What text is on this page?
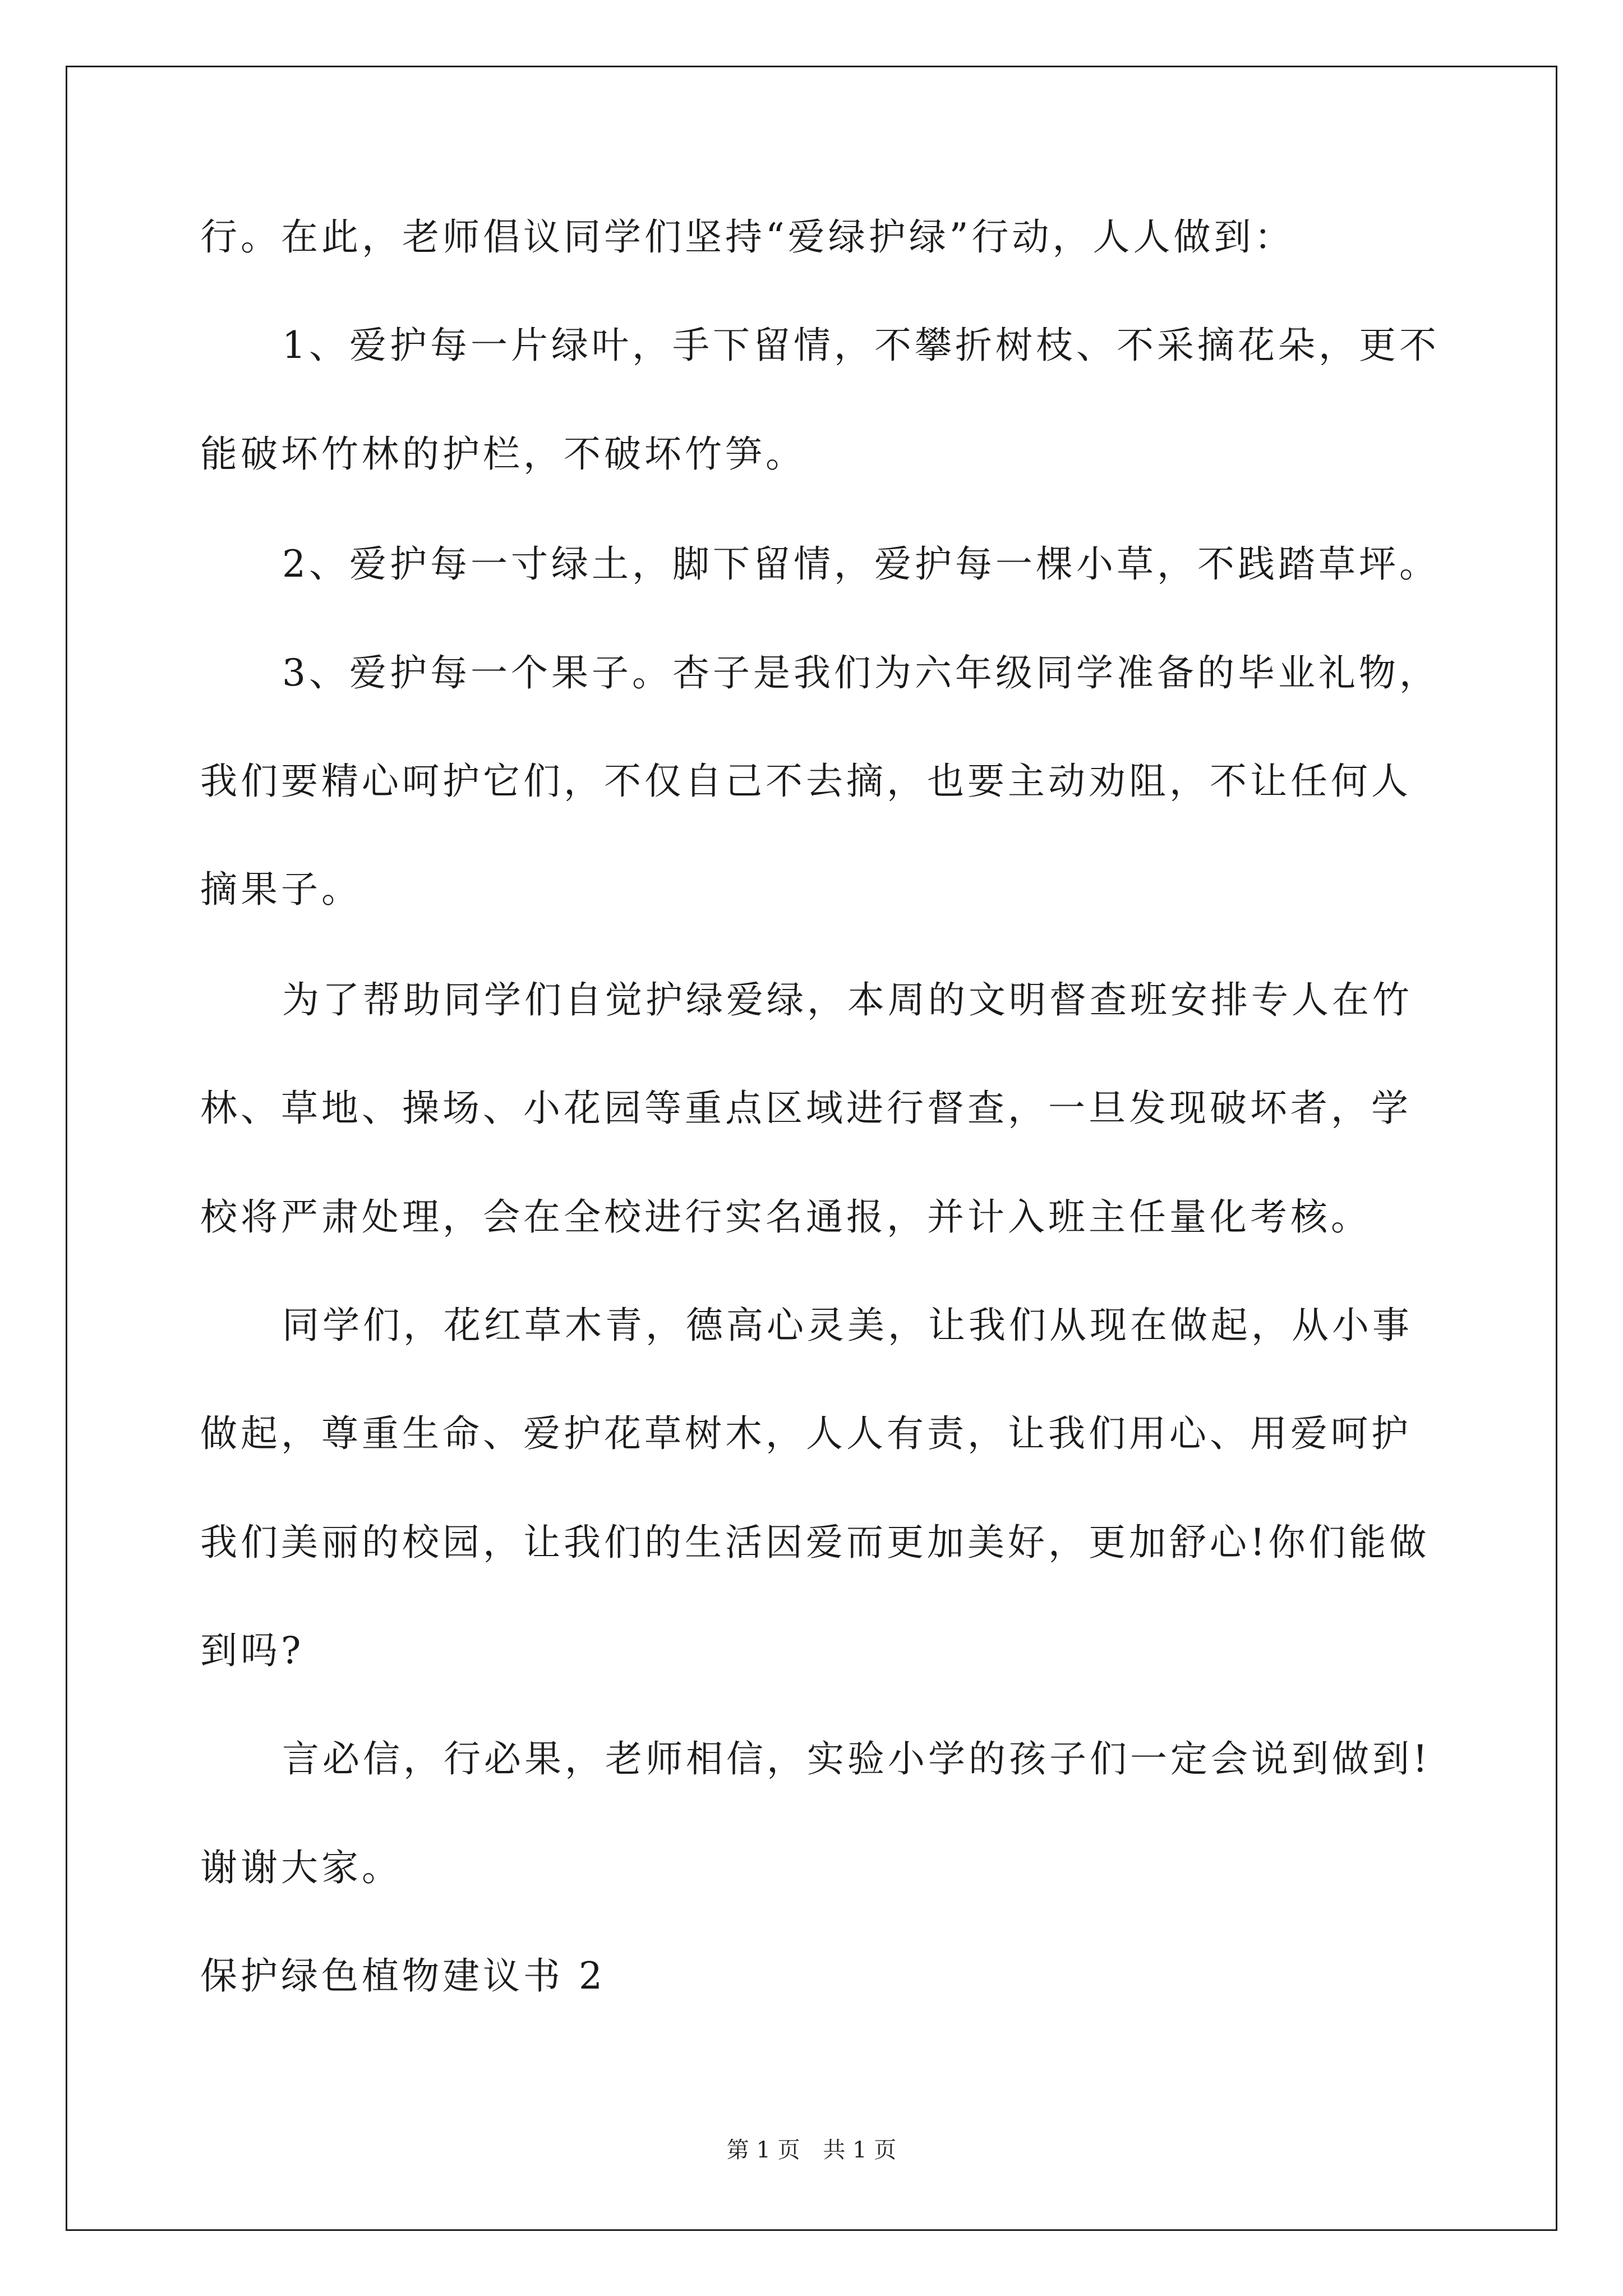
行。在此，老师倡议同学们坚持“爱绿护绿”行动，人人做到：
1、爱护每一片绿叶，手下留情，不攀折树枝、不采摘花朵，更不
能破坏竹林的护栏，不破坏竹笋。
2、爱护每一寸绿土，脚下留情，爱护每一棵小草，不践踏草坪。
3、爱护每一个果子。杏子是我们为六年级同学准备的毕业礼物，
我们要精心呵护它们，不仅自己不去摘，也要主动劝阻，不让任何人
摘果子。
为了帮助同学们自觉护绿爱绿，本周的文明督查班安排专人在竹
林、草地、操场、小花园等重点区域进行督查，一旦发现破坏者，学
校将严肃处理，会在全校进行实名通报，并计入班主任量化考核。
同学们，花红草木青，德高心灵美，让我们从现在做起，从小事
做起，尊重生命、爱护花草树木，人人有责，让我们用心、用爱呵护
我们美丽的校园，让我们的生活因爱而更加美好，更加舒心!你们能做
到吗?
言必信，行必果，老师相信，实验小学的孩子们一定会说到做到!
谢谢大家。
保护绿色植物建议书 2
第 1 页 共 1 页
